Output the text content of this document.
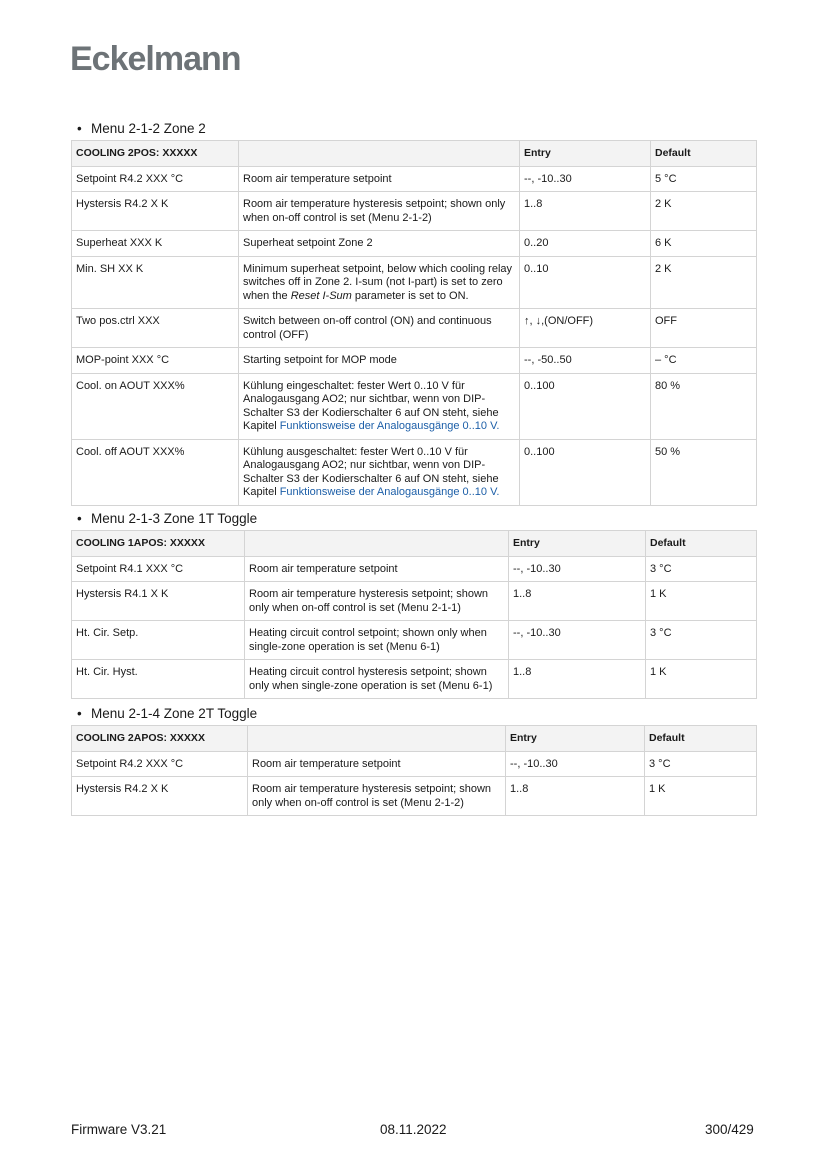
Eckelmann
• Menu 2-1-2 Zone 2
COOLING 2POS: XXXXX		Entry	Default
Setpoint R4.2 XXX °C	Room air temperature setpoint	--, -10..30	5 °C
Hystersis R4.2 X K	Room air temperature hysteresis setpoint; shown only when on-off control is set (Menu 2-1-2)	1..8	2 K
Superheat XXX K	Superheat setpoint Zone 2	0..20	6 K
Min. SH XX K	Minimum superheat setpoint, below which cooling relay switches off in Zone 2. I-sum (not I-part) is set to zero when the Reset I-Sum parameter is set to ON.	0..10	2 K
Two pos.ctrl XXX	Switch between on-off control (ON) and continuous control (OFF)	↑, ↓,(ON/OFF)	OFF
MOP-point XXX °C	Starting setpoint for MOP mode	--, -50..50	– °C
Cool. on AOUT XXX%	Kühlung eingeschaltet: fester Wert 0..10 V für Analogausgang AO2; nur sichtbar, wenn von DIP-Schalter S3 der Kodierschalter 6 auf ON steht, siehe Kapitel Funktionsweise der Analogausgänge 0..10 V.	0..100	80 %
Cool. off AOUT XXX%	Kühlung ausgeschaltet: fester Wert 0..10 V für Analogausgang AO2; nur sichtbar, wenn von DIP-Schalter S3 der Kodierschalter 6 auf ON steht, siehe Kapitel Funktionsweise der Analogausgänge 0..10 V.	0..100	50 %
• Menu 2-1-3 Zone 1T Toggle
COOLING 1APOS: XXXXX		Entry	Default
Setpoint R4.1 XXX °C	Room air temperature setpoint	--, -10..30	3 °C
Hystersis R4.1 X K	Room air temperature hysteresis setpoint; shown only when on-off control is set (Menu 2-1-1)	1..8	1 K
Ht. Cir. Setp.	Heating circuit control setpoint; shown only when single-zone operation is set (Menu 6-1)	--, -10..30	3 °C
Ht. Cir. Hyst.	Heating circuit control hysteresis setpoint; shown only when single-zone operation is set (Menu 6-1)	1..8	1 K
• Menu 2-1-4 Zone 2T Toggle
COOLING 2APOS: XXXXX		Entry	Default
Setpoint R4.2 XXX °C	Room air temperature setpoint	--, -10..30	3 °C
Hystersis R4.2 X K	Room air temperature hysteresis setpoint; shown only when on-off control is set (Menu 2-1-2)	1..8	1 K
Firmware V3.21	08.11.2022	300/429
